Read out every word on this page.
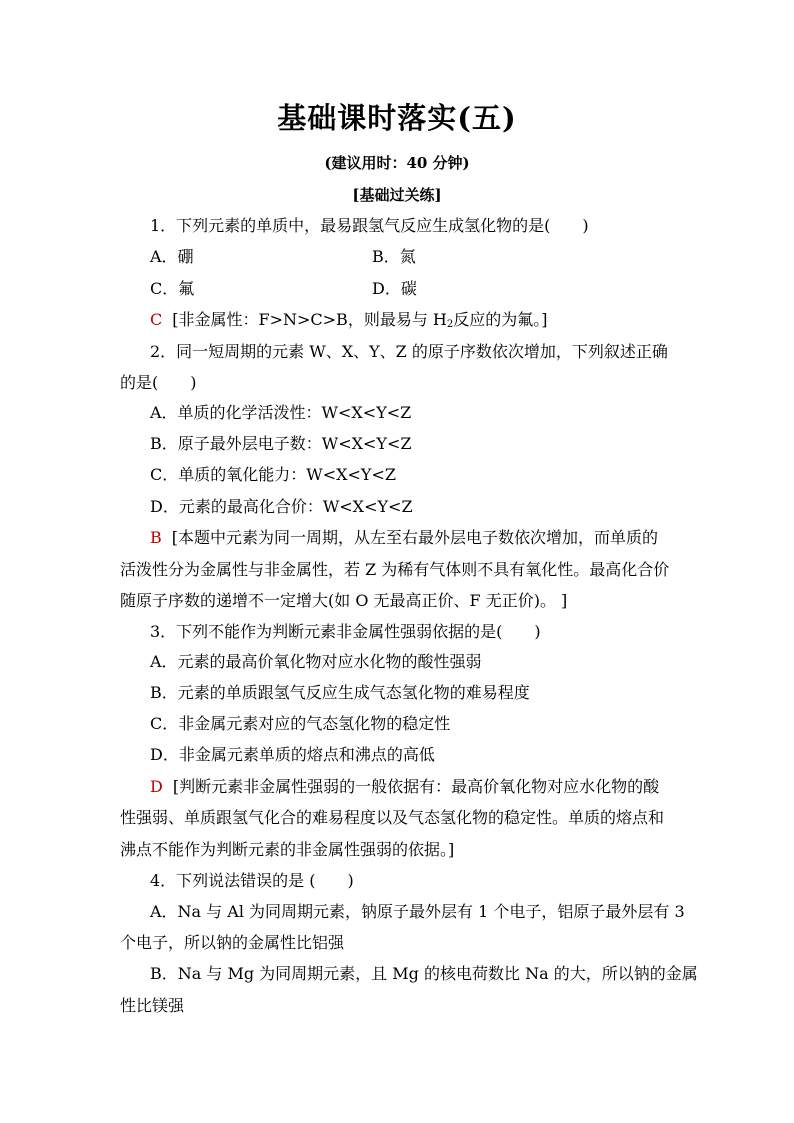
基础课时落实(五)
(建议用时：40 分钟)
[基础过关练]
1．下列元素的单质中，最易跟氢气反应生成氢化物的是(　　)
A．硼	B．氮
C．氟	D．碳
C [非金属性：F>N>C>B，则最易与 $H_2$反应的为氟。]
2．同一短周期的元素 W、X、Y、Z 的原子序数依次增加，下列叙述正确
的是(　　)
A．单质的化学活泼性：W<X<Y<Z
B．原子最外层电子数：W<X<Y<Z
C．单质的氧化能力：W<X<Y<Z
D．元素的最高化合价：W<X<Y<Z
B [本题中元素为同一周期，从左至右最外层电子数依次增加，而单质的
活泼性分为金属性与非金属性，若 Z 为稀有气体则不具有氧化性。最高化合价
随原子序数的递增不一定增大(如 O 无最高正价、F 无正价)。 ]
3．下列不能作为判断元素非金属性强弱依据的是(　　)
A．元素的最高价氧化物对应水化物的酸性强弱
B．元素的单质跟氢气反应生成气态氢化物的难易程度
C．非金属元素对应的气态氢化物的稳定性
D．非金属元素单质的熔点和沸点的高低
D [判断元素非金属性强弱的一般依据有：最高价氧化物对应水化物的酸
性强弱、单质跟氢气化合的难易程度以及气态氢化物的稳定性。单质的熔点和
沸点不能作为判断元素的非金属性强弱的依据。]
4．下列说法错误的是 (　　)
A．Na 与 Al 为同周期元素，钠原子最外层有 1 个电子，铝原子最外层有 3
个电子，所以钠的金属性比铝强
B．Na 与 Mg 为同周期元素，且 Mg 的核电荷数比 Na 的大，所以钠的金属
性比镁强
